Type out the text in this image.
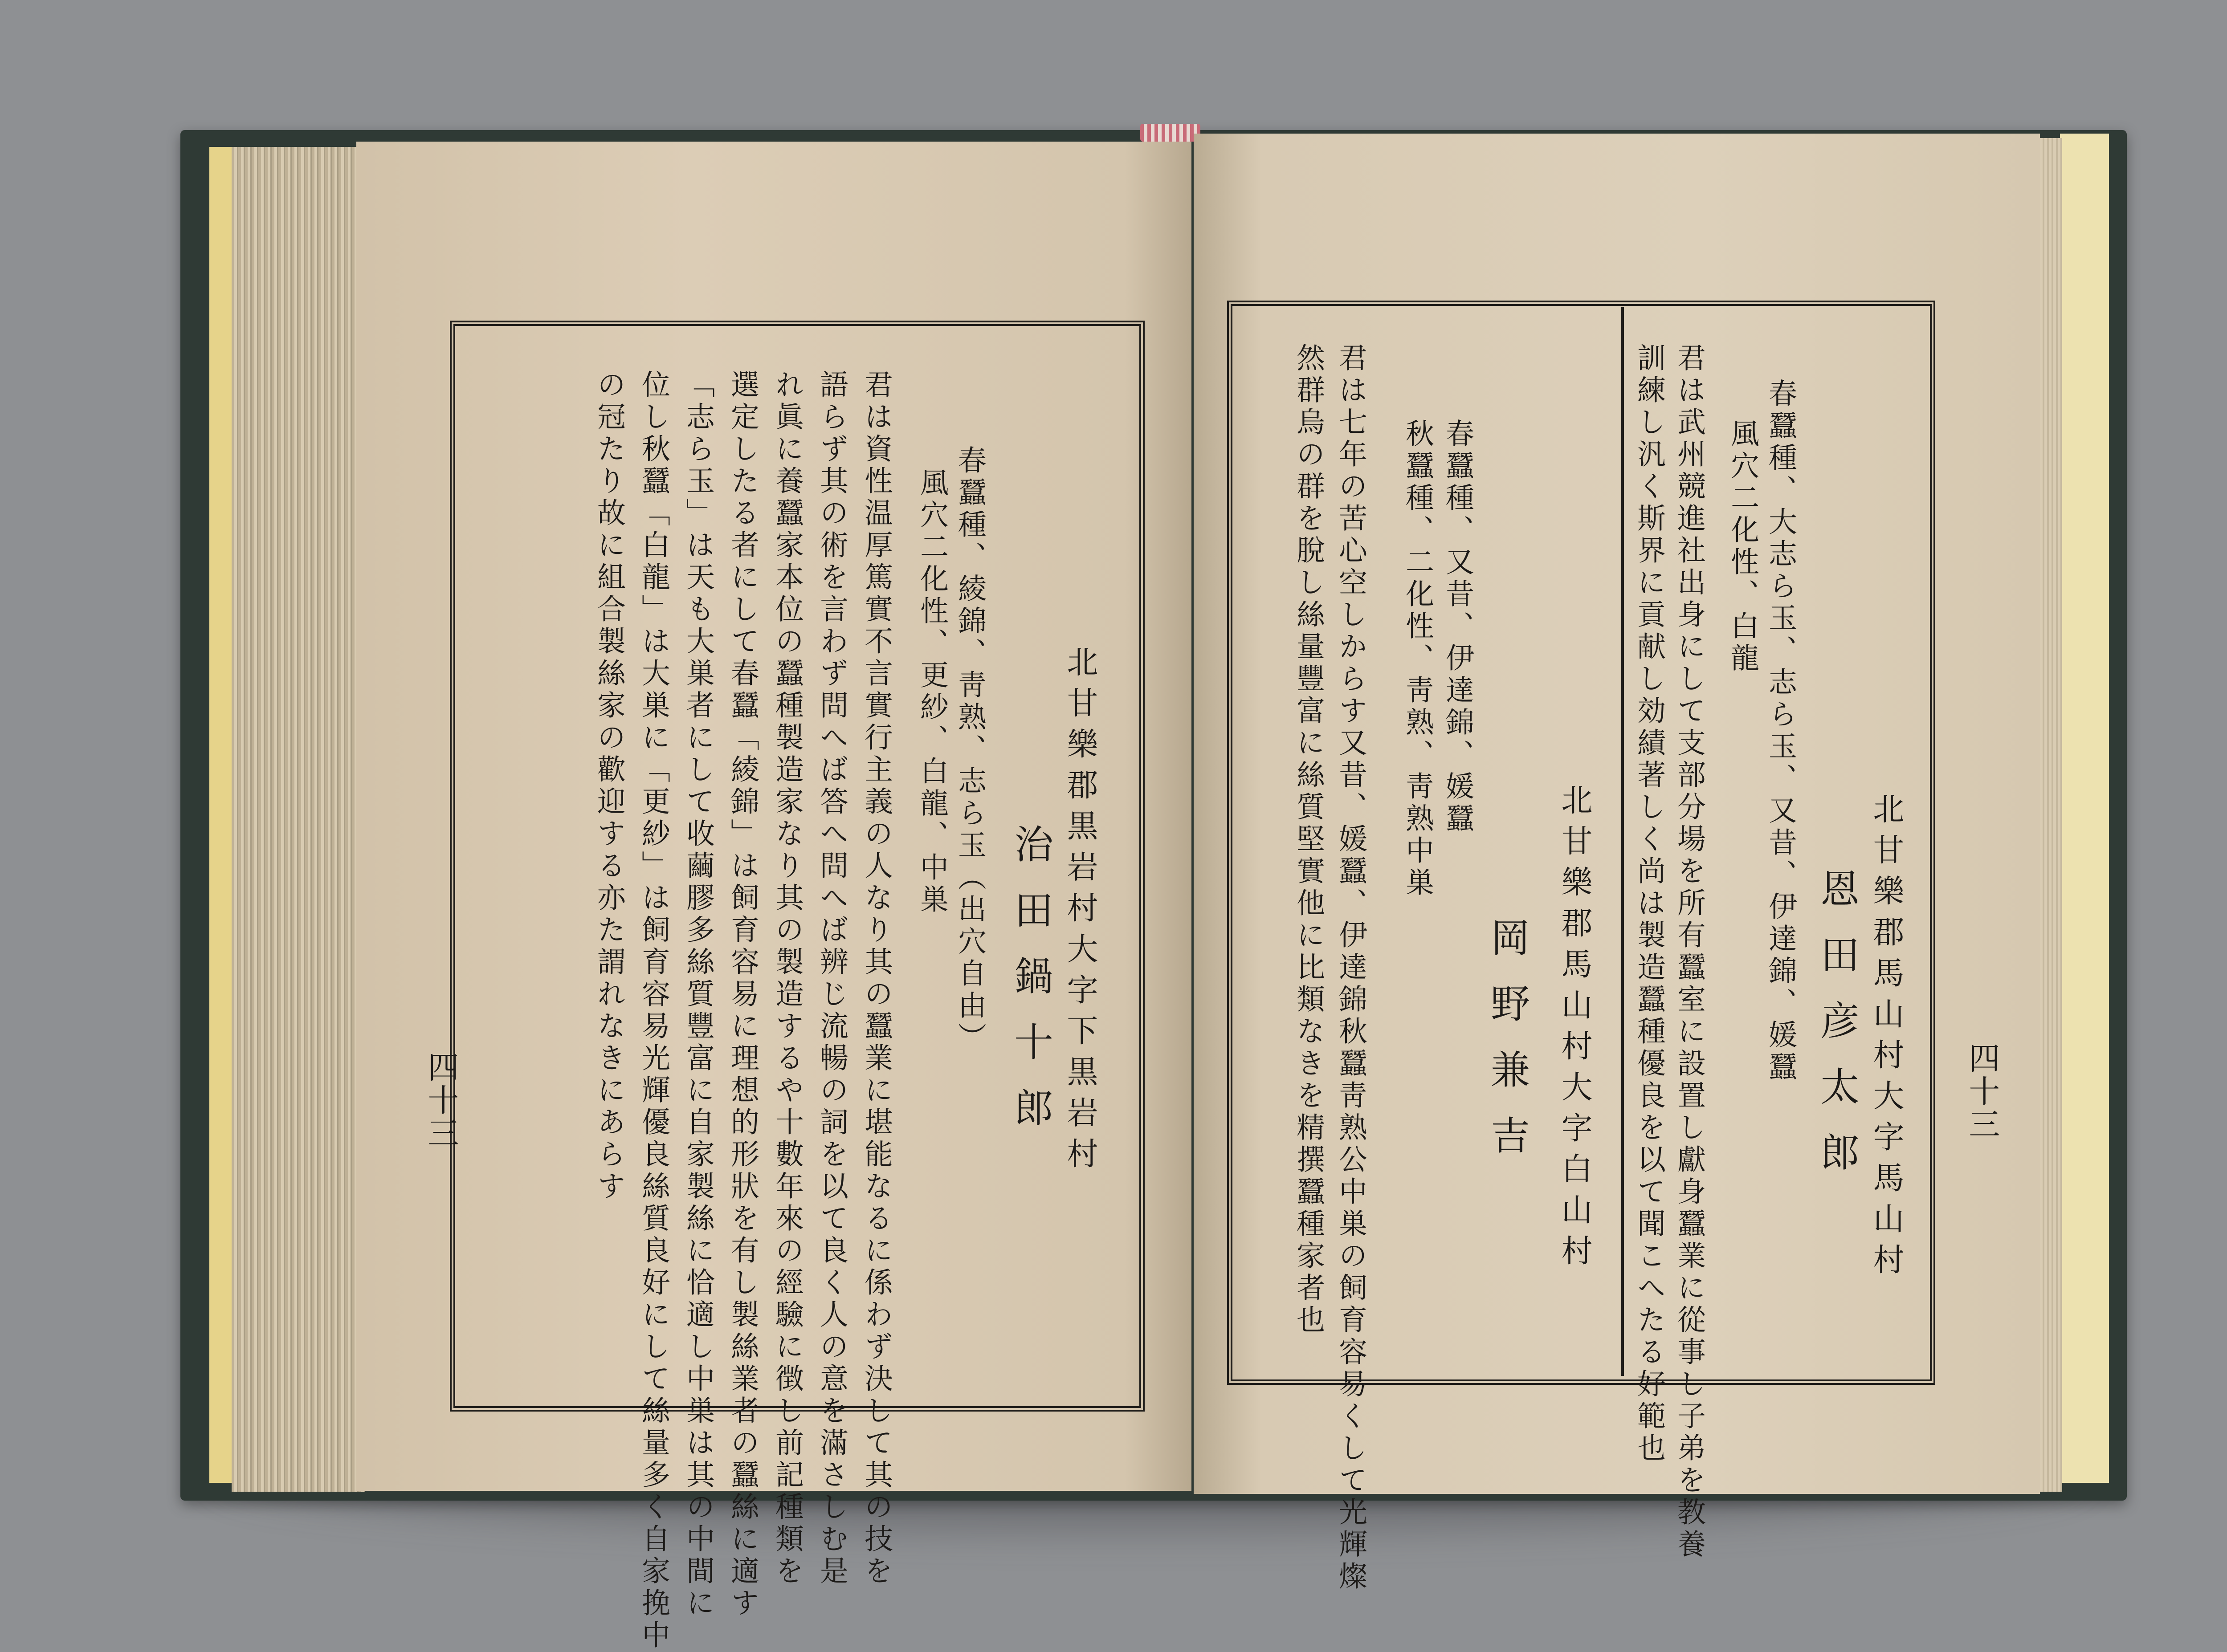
北甘樂郡黒岩村大字下黒岩村
治田鍋十郎
春蠶種、綾錦、靑熟、志ら玉（出穴自由）
風穴二化性、更紗、白龍、中巣
君は資性温厚篤實不言實行主義の人なり其の蠶業に堪能なるに係わず決して其の技を
語らず其の術を言わず問へば答へ問へば辨じ流暢の詞を以て良く人の意を滿さしむ是
れ眞に養蠶家本位の蠶種製造家なり其の製造するや十數年來の經驗に徴し前記種類を
選定したる者にして春蠶「綾錦」は飼育容易に理想的形狀を有し製絲業者の蠶絲に適す
「志ら玉」は天も大巣者にして收繭膠多絲質豐富に自家製絲に恰適し中巣は其の中間に
位し秋蠶「白龍」は大巣に「更紗」は飼育容易光輝優良絲質良好にして絲量多く自家挽中
の冠たり故に組合製絲家の歡迎する亦た謂れなきにあらす
四十三	北甘樂郡馬山村大字馬山村
恩田彦太郎
春蠶種、大志ら玉、志ら玉、又昔、伊達錦、媛蠶
風穴二化性、白龍
君は武州競進社出身にして支部分場を所有蠶室に設置し獻身蠶業に從事し子弟を教養
訓練し汎く斯界に貢献し効績著しく尚は製造蠶種優良を以て聞こへたる好範也
北甘樂郡馬山村大字白山村
岡野兼吉
春蠶種、又昔、伊達錦、媛蠶
秋蠶種、二化性、靑熟、靑熟中巣
君は七年の苦心空しからす又昔、媛蠶、伊達錦秋蠶靑熟公中巣の飼育容易くして光輝燦
然群烏の群を脫し絲量豐富に絲質堅實他に比類なきを精撰蠶種家者也	四十三
